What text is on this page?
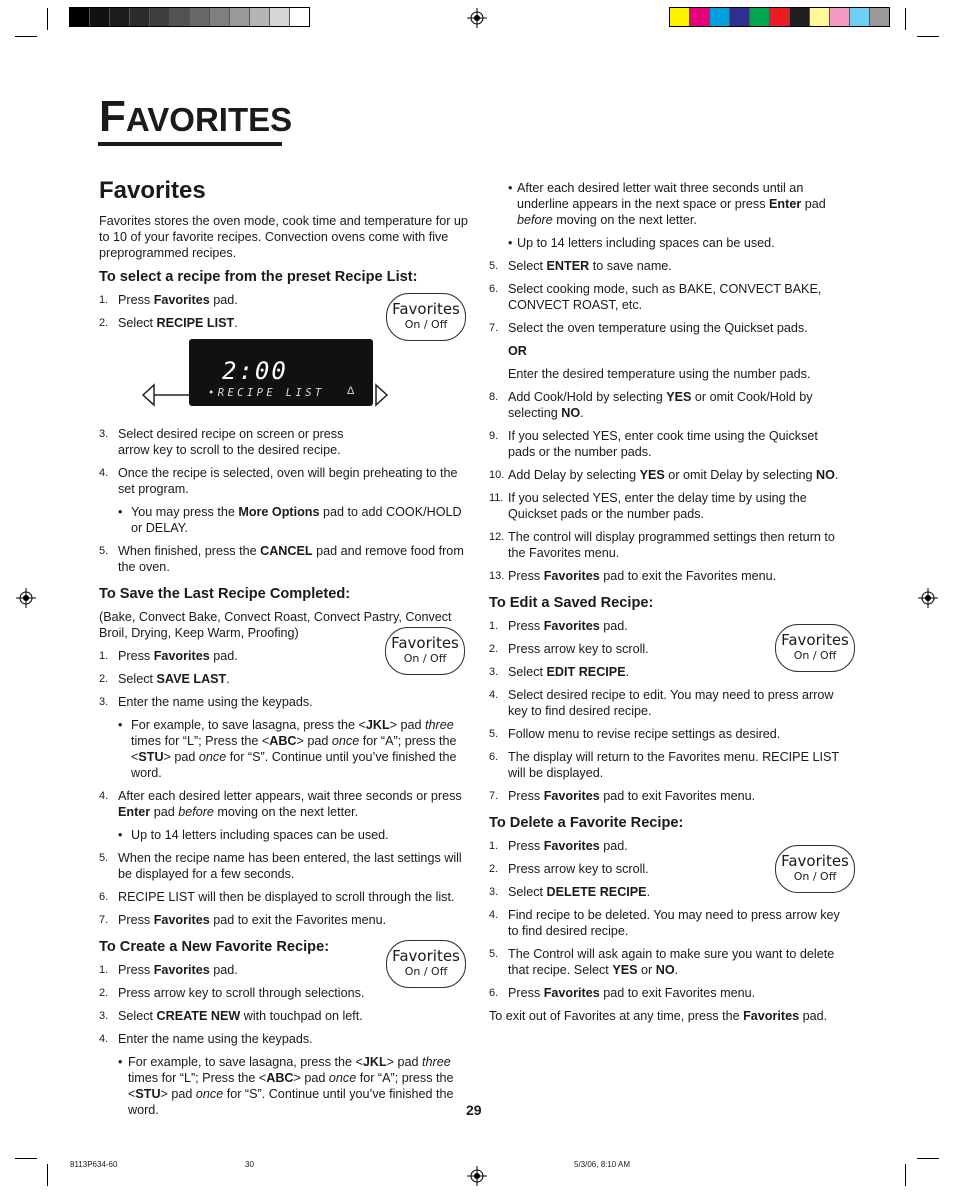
FAVORITES
Favorites
Favorites stores the oven mode, cook time and temperature for up to 10 of your favorite recipes. Convection ovens come with five preprogrammed recipes.
To select a recipe from the preset Recipe List:
1. Press Favorites pad.
2. Select RECIPE LIST.
3. Select desired recipe on screen or press arrow key to scroll to the desired recipe.
4. Once the recipe is selected, oven will begin preheating to the set program.
• You may press the More Options pad to add COOK/HOLD or DELAY.
5. When finished, press the CANCEL pad and remove food from the oven.
To Save the Last Recipe Completed:
(Bake, Convect Bake, Convect Roast, Convect Pastry, Convect Broil, Drying, Keep Warm, Proofing)
1. Press Favorites pad.
2. Select SAVE LAST.
3. Enter the name using the keypads.
• For example, to save lasagna, press the <JKL> pad three times for “L”; Press the <ABC> pad once for “A”; press the <STU> pad once for “S”. Continue until you’ve finished the word.
4. After each desired letter appears, wait three seconds or press Enter pad before moving on the next letter.
• Up to 14 letters including spaces can be used.
5. When the recipe name has been entered, the last settings will be displayed for a few seconds.
6. RECIPE LIST will then be displayed to scroll through the list.
7. Press Favorites pad to exit the Favorites menu.
To Create a New Favorite Recipe:
1. Press Favorites pad.
2. Press arrow key to scroll through selections.
3. Select CREATE NEW with touchpad on left.
4. Enter the name using the keypads.
• For example, to save lasagna, press the <JKL> pad three times for “L”; Press the <ABC> pad once for “A”; press the <STU> pad once for “S”. Continue until you’ve finished the word.
2:00
•RECIPE LIST Δ
Favorites
On / Off
Favorites
On / Off
Favorites
On / Off
Favorites
On / Off
Favorites
On / Off
• After each desired letter wait three seconds until an underline appears in the next space or press Enter pad before moving on the next letter.
• Up to 14 letters including spaces can be used.
5. Select ENTER to save name.
6. Select cooking mode, such as BAKE, CONVECT BAKE, CONVECT ROAST, etc.
7. Select the oven temperature using the Quickset pads.
OR
Enter the desired temperature using the number pads.
8. Add Cook/Hold by selecting YES or omit Cook/Hold by selecting NO.
9. If you selected YES, enter cook time using the Quickset pads or the number pads.
10. Add Delay by selecting YES or omit Delay by selecting NO.
11. If you selected YES, enter the delay time by using the Quickset pads or the number pads.
12. The control will display programmed settings then return to the Favorites menu.
13. Press Favorites pad to exit the Favorites menu.
To Edit a Saved Recipe:
1. Press Favorites pad.
2. Press arrow key to scroll.
3. Select EDIT RECIPE.
4. Select desired recipe to edit. You may need to press arrow key to find desired recipe.
5. Follow menu to revise recipe settings as desired.
6. The display will return to the Favorites menu. RECIPE LIST will be displayed.
7. Press Favorites pad to exit Favorites menu.
To Delete a Favorite Recipe:
1. Press Favorites pad.
2. Press arrow key to scroll.
3. Select DELETE RECIPE.
4. Find recipe to be deleted. You may need to press arrow key to find desired recipe.
5. The Control will ask again to make sure you want to delete that recipe. Select YES or NO.
6. Press Favorites pad to exit Favorites menu.
To exit out of Favorites at any time, press the Favorites pad.
29
8113P634-60	30	5/3/06, 8:10 AM
